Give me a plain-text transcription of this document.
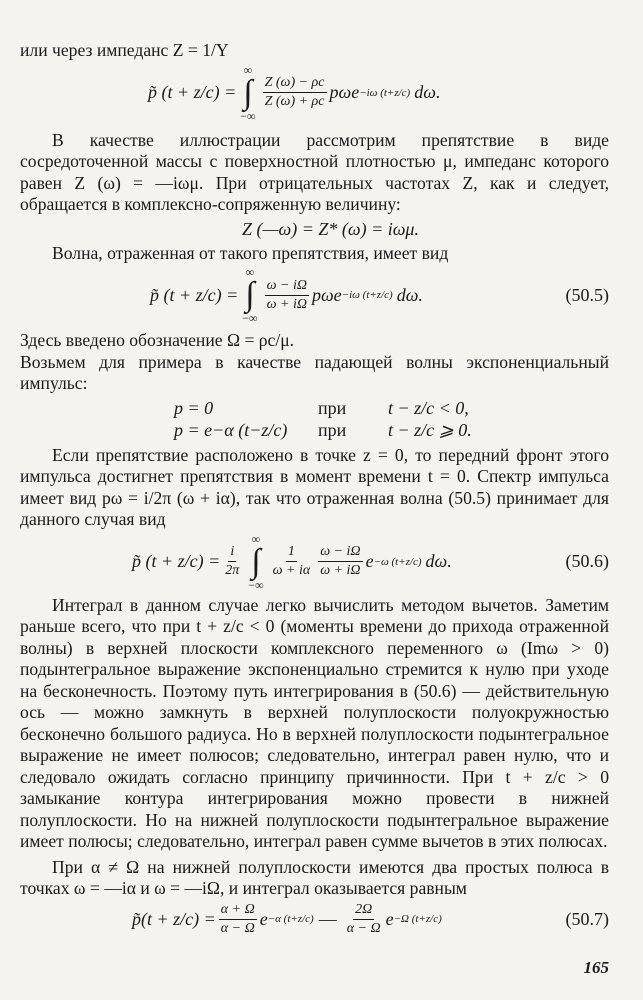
или через импеданс Z = 1/Y

p̃ (t + z/c) =
∞
∫
−∞
$\frac{Z (\omega) - \rho c}{Z (\omega) + \rho c}$ pωe −iω (t+z/c) dω.

В качестве иллюстрации рассмотрим препятствие в виде сосредоточенной массы с поверхностной плотностью μ, импеданс которого равен Z (ω) = —iωμ. При отрицательных частотах Z, как и следует, обращается в комплексно-сопряженную величину:

Z (—ω) = Z* (ω) = iωμ.

Волна, отраженная от такого препятствия, имеет вид

p̃ (t + z/c) =
∞
∫
−∞
$\frac{\omega - i\Omega}{\omega + i\Omega}$ pωe −iω (t+z/c) dω.	(50.5)

Здесь введено обозначение Ω = ρc/μ.

Возьмем для примера в качестве падающей волны экспоненциальный импульс:

p = 0	при	t − z/c < 0,
p = e−α (t−z/c)	при	t − z/c ⩾ 0.

Если препятствие расположено в точке z = 0, то передний фронт этого импульса достигнет препятствия в момент времени t = 0. Спектр импульса имеет вид pω = i/2π (ω + iα), так что отраженная волна (50.5) принимает для данного случая вид

p̃ $(t + z/c) = \frac{i}{2\pi}$
∞
∫
−∞
$\frac{1}{\omega + i\alpha} \frac{\omega - i\Omega}{\omega + i\Omega}$ e −ω (t+z/c) dω.	(50.6)

Интеграл в данном случае легко вычислить методом вычетов. Заметим раньше всего, что при t + z/c < 0 (моменты времени до прихода отраженной волны) в верхней плоскости комплексного переменного ω (Imω > 0) подынтегральное выражение экспоненциально стремится к нулю при уходе на бесконечность. Поэтому путь интегрирования в (50.6) — действительную ось — можно замкнуть в верхней полуплоскости полуокружностью бесконечно большого радиуса. Но в верхней полуплоскости подынтегральное выражение не имеет полюсов; следовательно, интеграл равен нулю, что и следовало ожидать согласно принципу причинности. При t + z/c > 0 замыкание контура интегрирования можно провести в нижней полуплоскости. Но на нижней полуплоскости подынтегральное выражение имеет полюсы; следовательно, интеграл равен сумме вычетов в этих полюсах.

При α ≠ Ω на нижней полуплоскости имеются два простых полюса в точках ω = —iα и ω = —iΩ, и интеграл оказывается равным

p̃(t + $z/c) = \frac{\alpha + \Omega}{\alpha - \Omega}$ e −α (t+z/c) — $\frac{2\Omega}{\alpha - \Omega}$ e −Ω (t+z/c)	(50.7)
165
